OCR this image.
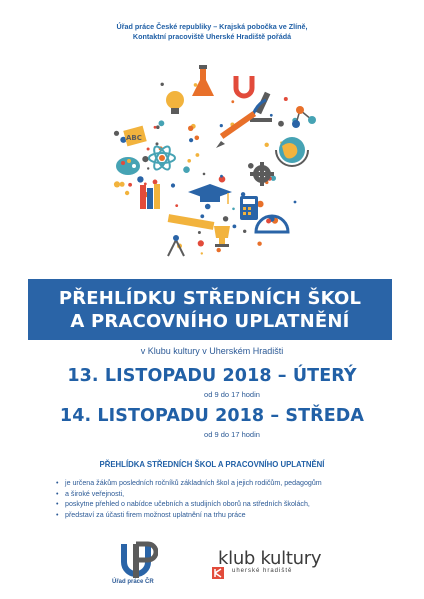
Úřad práce České republiky – Krajská pobočka ve Zlíně,
Kontaktní pracoviště Uherské Hradiště pořádá
ABC
PŘEHLÍDKU STŘEDNÍCH ŠKOL
A PRACOVNÍHO UPLATNĚNÍ
v Klubu kultury v Uherském Hradišti
13. LISTOPADU 2018 – ÚTERÝ
od 9 do 17 hodin
14. LISTOPADU 2018 – STŘEDA
od 9 do 17 hodin
PŘEHLÍDKA STŘEDNÍCH ŠKOL A PRACOVNÍHO UPLATNĚNÍ
• je určena žákům posledních ročníků základních škol a jejich rodičům, pedagogům
• a široké veřejnosti,
• poskytne přehled o nabídce učebních a studijních oborů na středních školách,
• představí za účasti firem možnost uplatnění na trhu práce
Úřad práce ČR
klub kultury
uherské hradiště
